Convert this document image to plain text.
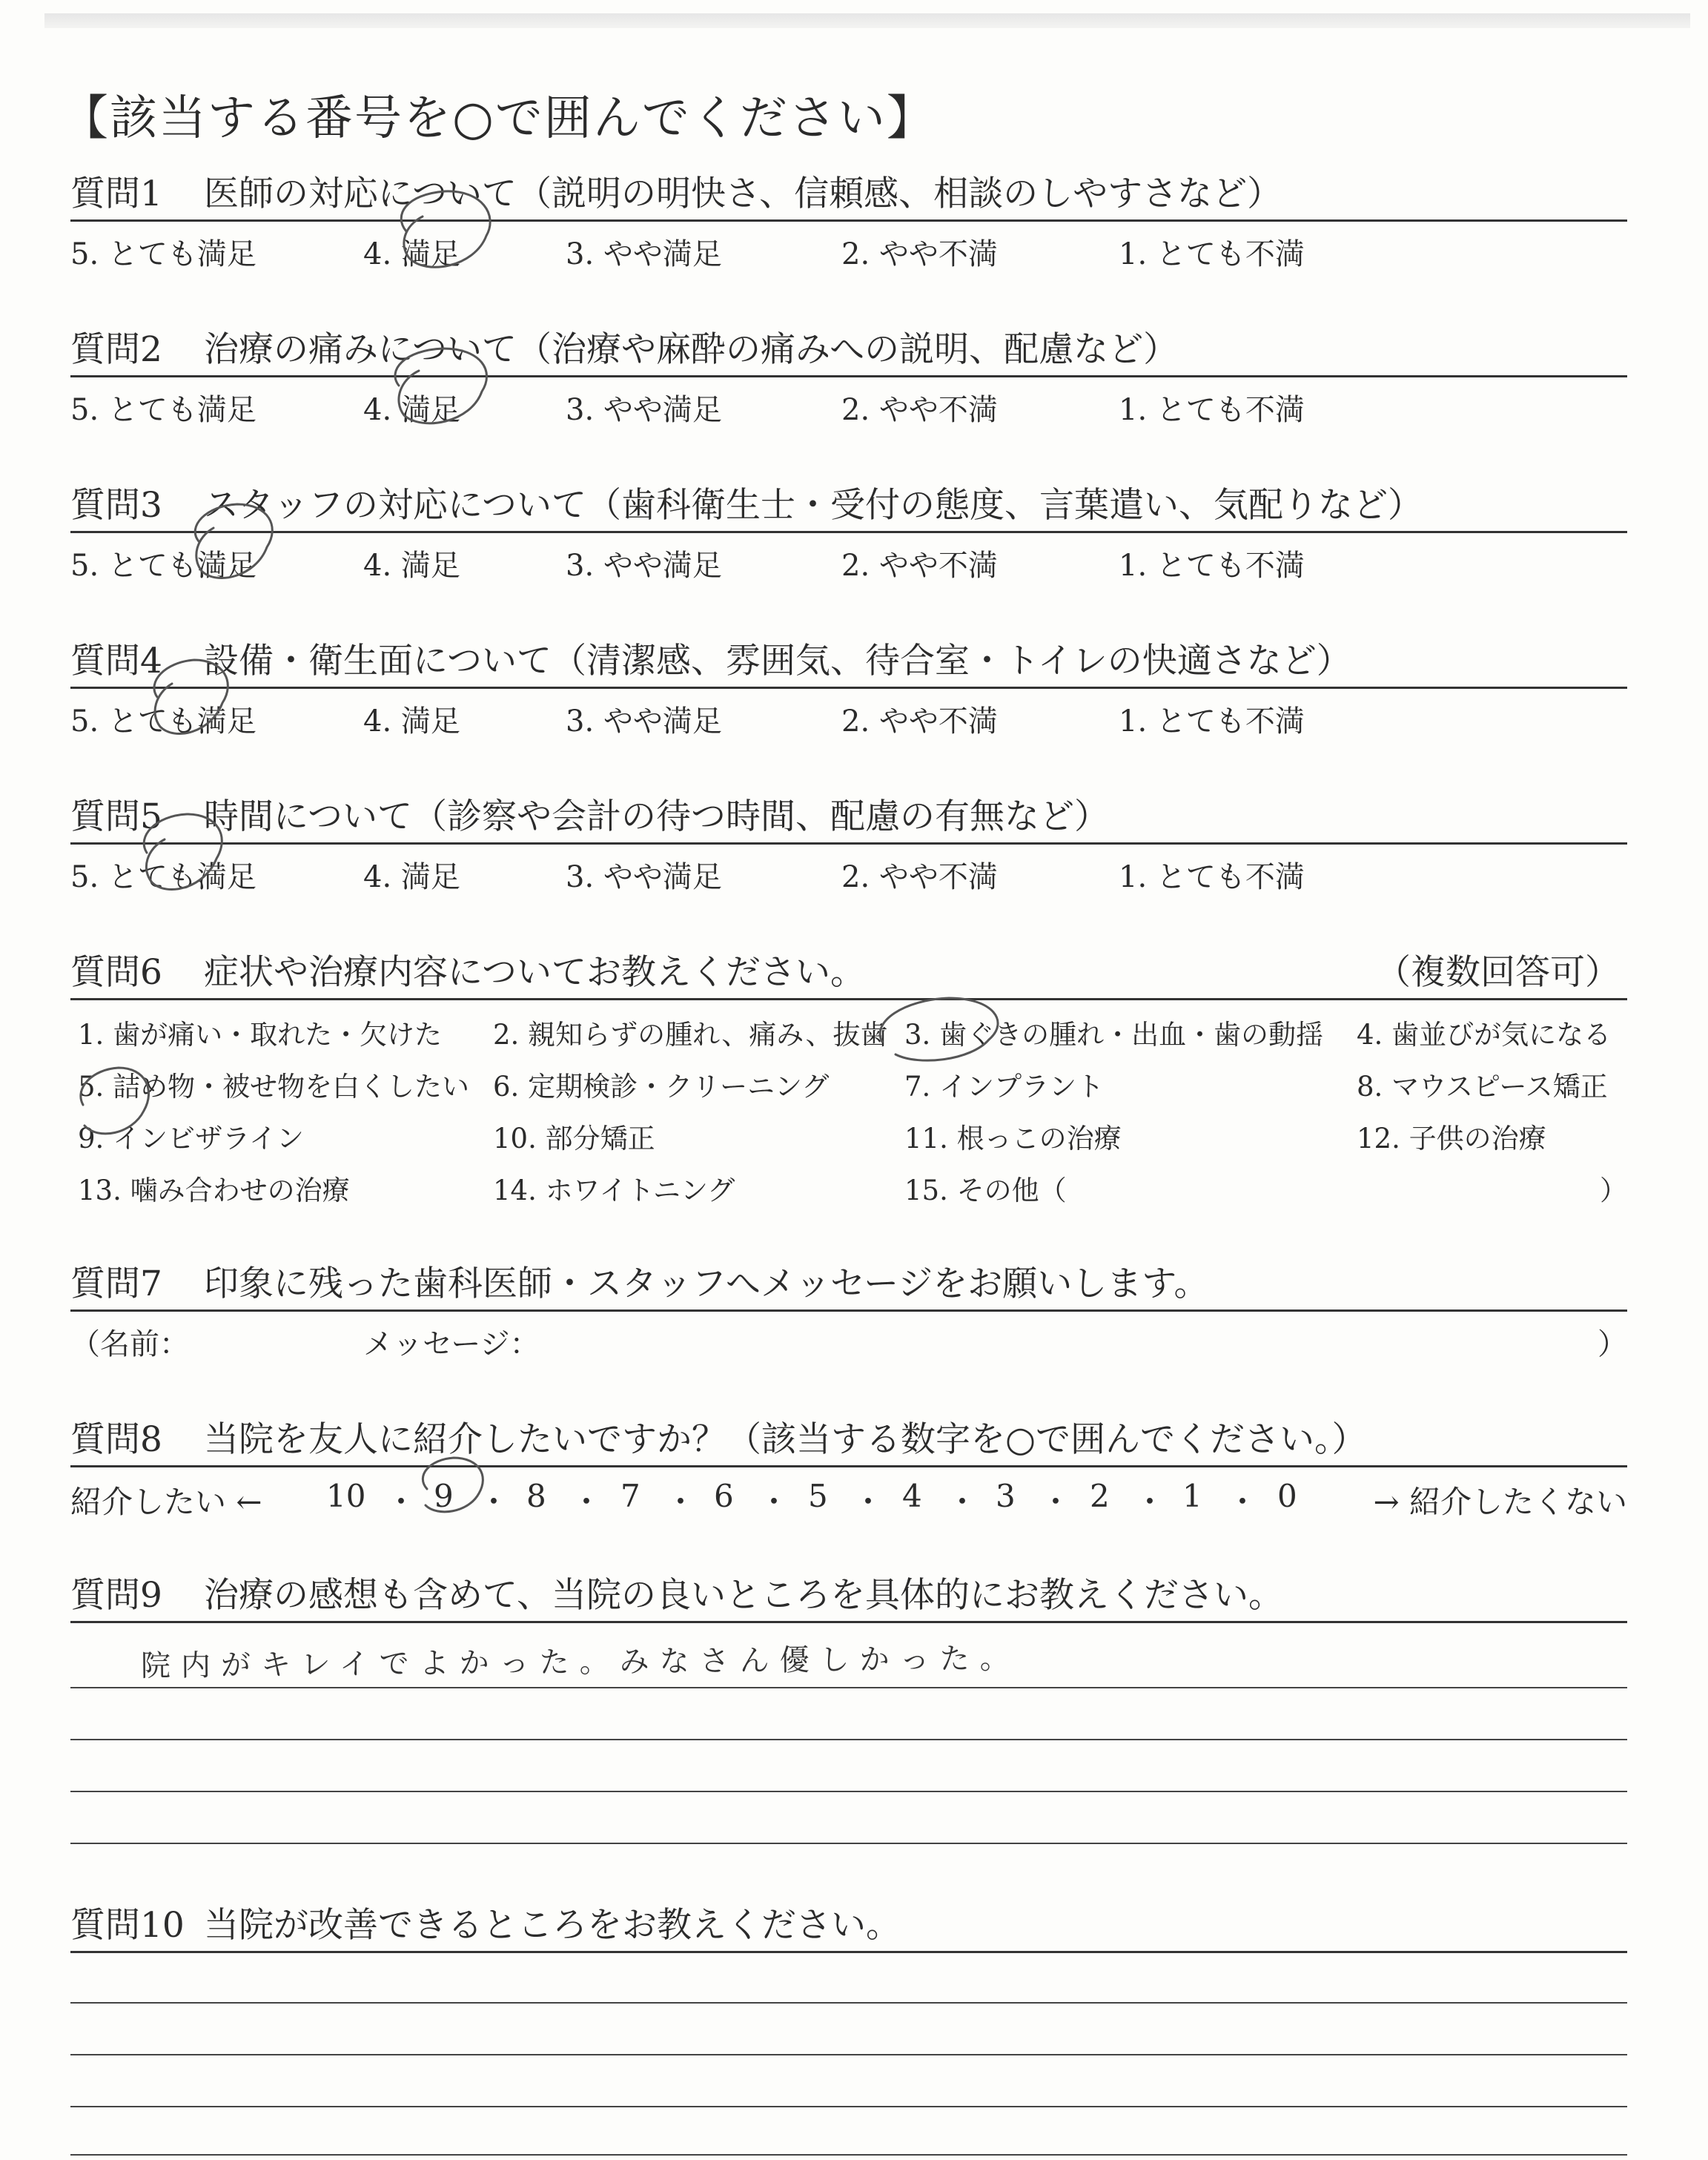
【該当する番号を○で囲んでください】
質問1 医師の対応について（説明の明快さ、信頼感、相談のしやすさなど）
5. とても満足	4. 満足	3. やや満足	2. やや不満	1. とても不満
質問2 治療の痛みについて（治療や麻酔の痛みへの説明、配慮など）
5. とても満足	4. 満足	3. やや満足	2. やや不満	1. とても不満
質問3 スタッフの対応について（歯科衛生士・受付の態度、言葉遣い、気配りなど）
5. とても満足	4. 満足	3. やや満足	2. やや不満	1. とても不満
質問4 設備・衛生面について（清潔感、雰囲気、待合室・トイレの快適さなど）
5. とても満足	4. 満足	3. やや満足	2. やや不満	1. とても不満
質問5 時間について（診察や会計の待つ時間、配慮の有無など）
5. とても満足	4. 満足	3. やや満足	2. やや不満	1. とても不満
質問6 症状や治療内容についてお教えください。	（複数回答可）
1. 歯が痛い・取れた・欠けた 2. 親知らずの腫れ、痛み、抜歯 3. 歯ぐきの腫れ・出血・歯の動揺 4. 歯並びが気になる
5. 詰め物・被せ物を白くしたい 6. 定期検診・クリーニング	7. インプラント	8. マウスピース矯正
9. インビザライン	10. 部分矯正	11. 根っこの治療	12. 子供の治療
13. 噛み合わせの治療	14. ホワイトニング	15. その他（	）
質問7 印象に残った歯科医師・スタッフへメッセージをお願いします。
（名前：	メッセージ：	）
質問8 当院を友人に紹介したいですか？（該当する数字を○で囲んでください。）
紹介したい ← 10 ・ 9 ・ 8 ・ 7 ・ 6 ・ 5 ・ 4 ・ 3 ・ 2 ・ 1 ・ 0 → 紹介したくない
質問9 治療の感想も含めて、当院の良いところを具体的にお教えください。
院内がキレイでよかった。みなさん優しかった。
質問10 当院が改善できるところをお教えください。
